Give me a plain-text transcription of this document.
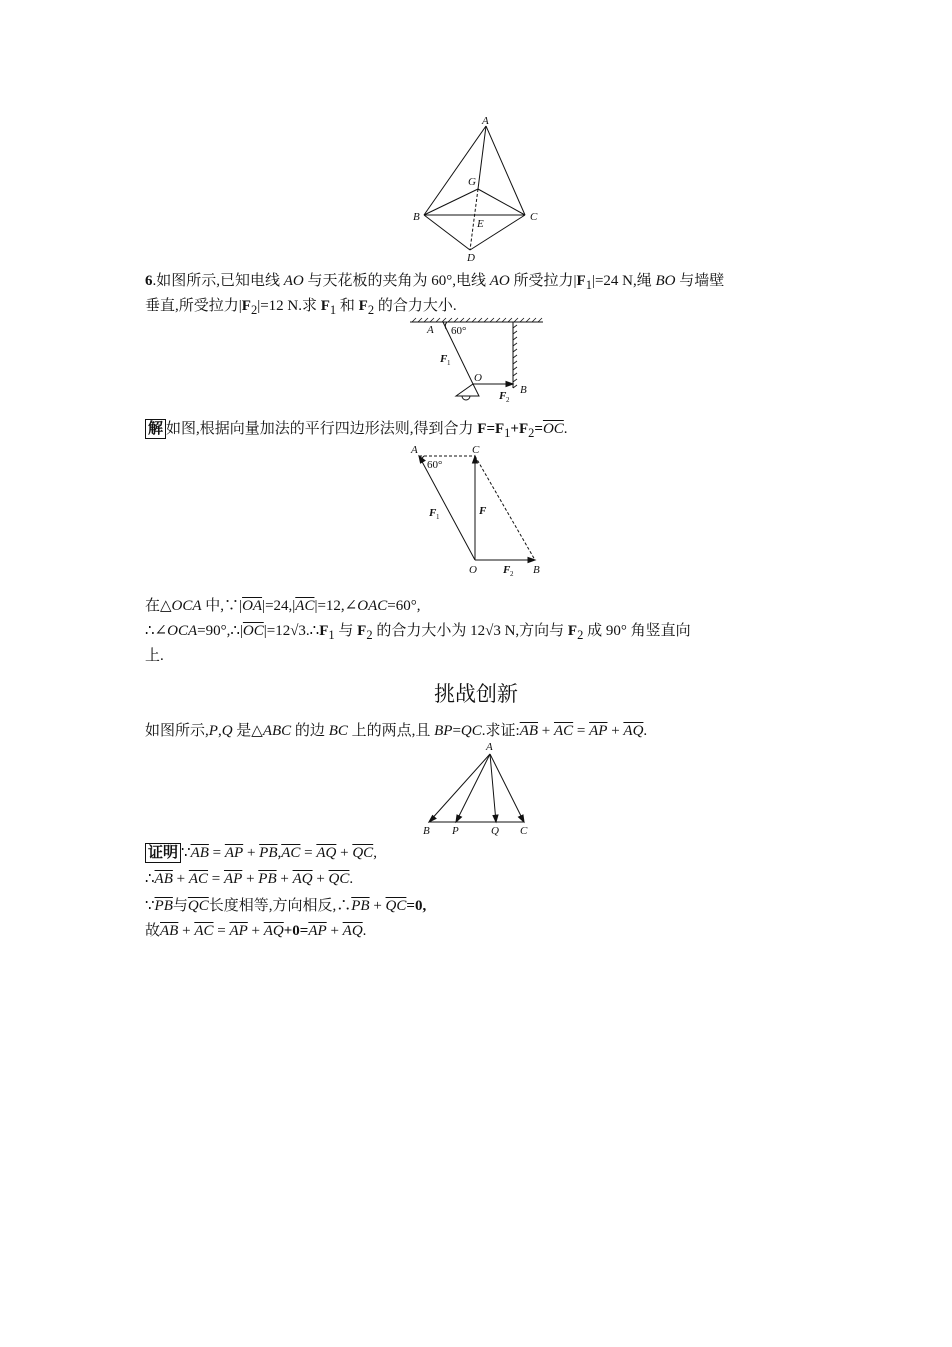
A
G
B	C
E
D
6.如图所示,已知电线 AO 与天花板的夹角为 60°,电线 AO 所受拉力$|F_1|=24$ N,绳 BO 与墙壁
垂直,所受拉力$|F_2|=12$ N.求 $F_1$ 和 $F_2$ 的合力大小.
A 60°
F 1
O
B
F 2
解 如图,根据向量加法的平行四边形法则,得到合力 $F=F_1+F_2=\overline{OC}$.
A	C
60°
F 1	F
O F 2 B
在△OCA 中$,\because|\overline{OA}|=24,|\overline{AC}|=12,\angle OAC=60^\circ$,
$\therefore\angle OCA=90^\circ,\therefore|\overline{OC}|=12√3.\therefore F_1$ 与 $F_2$ 的合力大小为 12√3 N,方向与 $F_2$ 成 90° 角竖直向
上.
挑战创新
如图所示,P,Q 是△ABC 的边 BC 上的两点,且 BP=QC.求证$:\overline{AB} + \overline{AC} = \overline{AP} + \overline{AQ}$.
A
B P	Q C
证明 $\because\overline{AB} = \overline{AP} + \overline{PB},\overline{AC} = \overline{AQ} + \overline{QC}$,
$\therefore\overline{AB} + \overline{AC} = \overline{AP} + \overline{PB} + \overline{AQ} + \overline{QC}$.
$\because\overline{PB}$与$\overline{QC}$长度相等,方向相反$,\therefore\overline{PB} + \overline{QC}=0$,
故$\overline{AB} + \overline{AC} = \overline{AP} + \overline{AQ}+0=\overline{AP} + \overline{AQ}$.
